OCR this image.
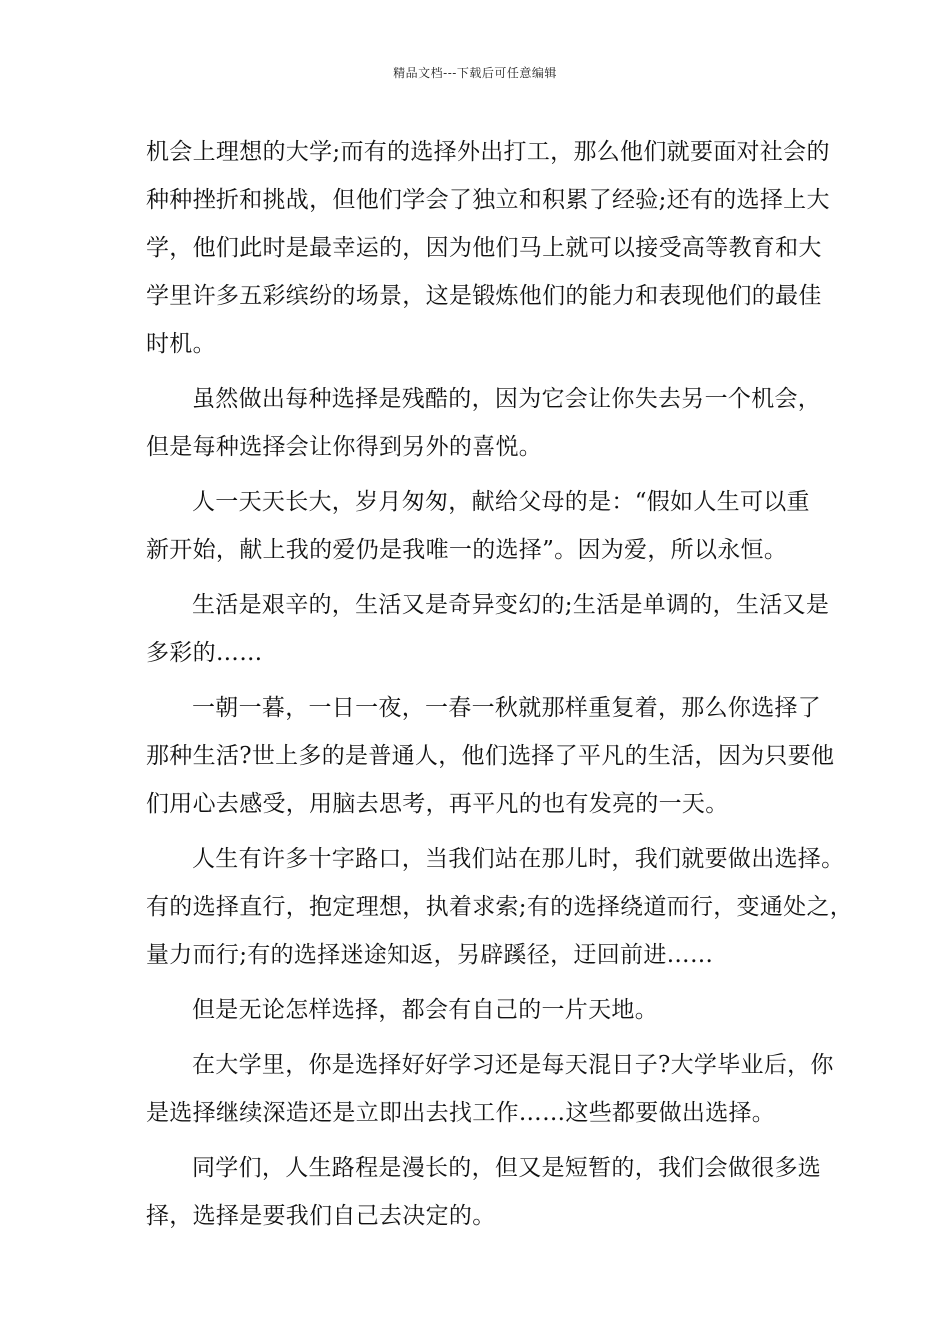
精品文档---下载后可任意编辑
机会上理想的大学;而有的选择外出打工，那么他们就要面对社会的
种种挫折和挑战，但他们学会了独立和积累了经验;还有的选择上大
学，他们此时是最幸运的，因为他们马上就可以接受高等教育和大
学里许多五彩缤纷的场景，这是锻炼他们的能力和表现他们的最佳
时机。
虽然做出每种选择是残酷的，因为它会让你失去另一个机会，
但是每种选择会让你得到另外的喜悦。
人一天天长大，岁月匆匆，献给父母的是：“假如人生可以重
新开始，献上我的爱仍是我唯一的选择”。因为爱，所以永恒。
生活是艰辛的，生活又是奇异变幻的;生活是单调的，生活又是
多彩的……
一朝一暮，一日一夜，一春一秋就那样重复着，那么你选择了
那种生活?世上多的是普通人，他们选择了平凡的生活，因为只要他
们用心去感受，用脑去思考，再平凡的也有发亮的一天。
人生有许多十字路口，当我们站在那儿时，我们就要做出选择。
有的选择直行，抱定理想，执着求索;有的选择绕道而行，变通处之，
量力而行;有的选择迷途知返，另辟蹊径，迂回前进……
但是无论怎样选择，都会有自己的一片天地。
在大学里，你是选择好好学习还是每天混日子?大学毕业后，你
是选择继续深造还是立即出去找工作……这些都要做出选择。
同学们，人生路程是漫长的，但又是短暂的，我们会做很多选
择，选择是要我们自己去决定的。
